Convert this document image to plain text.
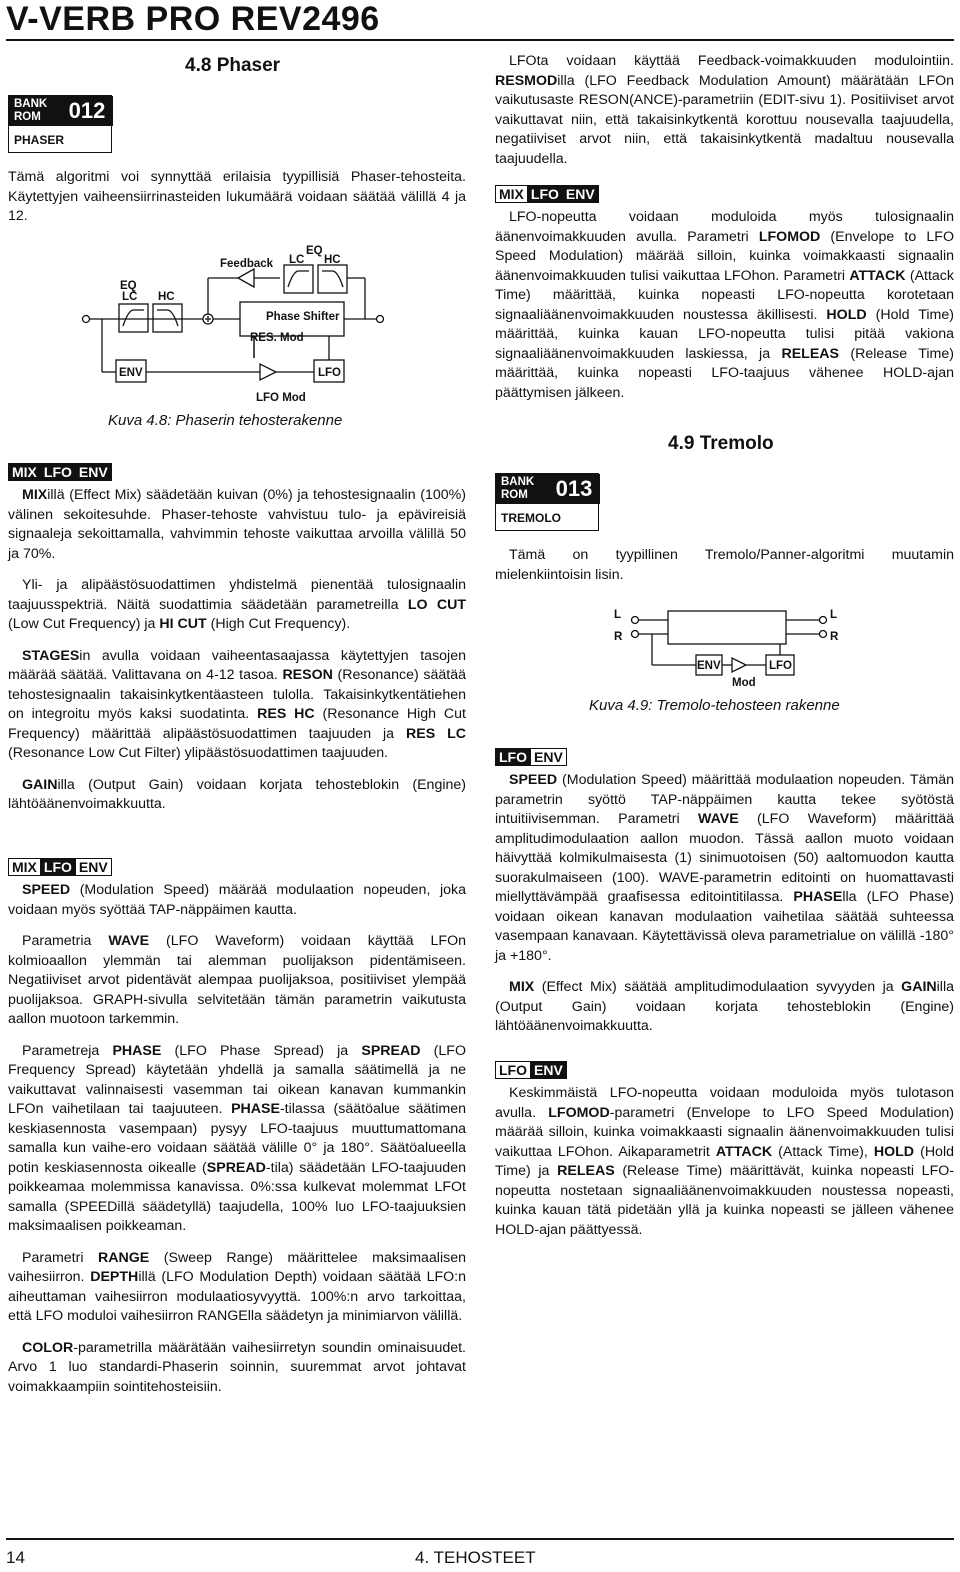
V-VERB PRO REV2496
4.8 Phaser
BANK
ROM	012
PHASER

Tämä algoritmi voi synnyttää erilaisia tyypillisiä Phaser-tehosteita. Käytettyjen vaiheensiirrinasteiden lukumäärä voidaan säätää välillä 4 ja 12.

EQ
LC HC
Feedback
EQ
LC HC
Phase Shifter
RES. Mod
ENV
LFO Mod
LFO
Kuva 4.8: Phaserin tehosterakenne
MIX LFO ENV

MIXillä (Effect Mix) säädetään kuivan (0%) ja tehostesignaalin (100%) välinen sekoitesuhde. Phaser-tehoste vahvistuu tulo- ja epävireisiä signaaleja sekoittamalla, vahvimmin tehoste vaikuttaa arvoilla välillä 50 ja 70%.

Yli- ja alipäästösuodattimen yhdistelmä pienentää tulosignaalin taajuusspektriä. Näitä suodattimia säädetään parametreilla LO CUT (Low Cut Frequency) ja HI CUT (High Cut Frequency).

STAGESin avulla voidaan vaiheentasaajassa käytettyjen tasojen määrää säätää. Valittavana on 4-12 tasoa. RESON (Resonance) säätää tehostesignaalin takaisinkytkentäasteen tulolla. Takaisinkytkentätiehen on integroitu myös kaksi suodatinta. RES HC (Resonance High Cut Frequency) määrittää alipäästösuodattimen taajuuden ja RES LC (Resonance Low Cut Filter) ylipäästösuodattimen taajuuden.

GAINilla (Output Gain) voidaan korjata tehosteblokin (Engine) lähtöäänenvoimakkuutta.

MIX LFO ENV

SPEED (Modulation Speed) määrää modulaation nopeuden, joka voidaan myös syöttää TAP-näppäimen kautta.

Parametria WAVE (LFO Waveform) voidaan käyttää LFOn kolmioaallon ylemmän tai alemman puolijakson pidentämiseen. Negatiiviset arvot pidentävät alempaa puolijaksoa, positiiviset ylempää puolijaksoa. GRAPH-sivulla selvitetään tämän parametrin vaikutusta aallon muotoon tarkemmin.

Parametreja PHASE (LFO Phase Spread) ja SPREAD (LFO Frequency Spread) käytetään yhdellä ja samalla säätimellä ja ne vaikuttavat valinnaisesti vasemman tai oikean kanavan kummankin LFOn vaihetilaan tai taajuuteen. PHASE-tilassa (säätöalue säätimen keskiasennosta vasempaan) pysyy LFO-taajuus muuttumattomana samalla kun vaihe-ero voidaan säätää välille 0° ja 180°. Säätöalueella potin keskiasennosta oikealle (SPREAD-tila) säädetään LFO-taajuuden poikkeamaa molemmissa kanavissa. 0%:ssa kulkevat molemmat LFOt samalla (SPEEDillä säädetyllä) taajudella, 100% luo LFO-taajuuksien maksimaalisen poikkeaman.

Parametri RANGE (Sweep Range) määrittelee maksimaalisen vaihesiirron. DEPTHillä (LFO Modulation Depth) voidaan säätää LFO:n aiheuttaman vaihesiirron modulaatiosyvyyttä. 100%:n arvo tarkoittaa, että LFO moduloi vaihesiirron RANGElla säädetyn ja minimiarvon välillä.

COLOR-parametrilla määrätään vaihesiirretyn soundin ominaisuudet. Arvo 1 luo standardi-Phaserin soinnin, suuremmat arvot johtavat voimakkaampiin sointitehosteisiin.

LFOta voidaan käyttää Feedback-voimakkuuden modulointiin. RESMODilla (LFO Feedback Modulation Amount) määrätään LFOn vaikutusaste RESON(ANCE)-parametriin (EDIT-sivu 1). Positiiviset arvot vaikuttavat niin, että takaisinkytkentä korottuu nousevalla taajuudella, negatiiviset arvot niin, että takaisinkytkentä madaltuu nousevalla taajuudella.

MIX LFO ENV

LFO-nopeutta voidaan moduloida myös tulosignaalin äänenvoimakkuuden avulla. Parametri LFOMOD (Envelope to LFO Speed Modulation) määrää silloin, kuinka voimakkaasti signaalin äänenvoimakkuuden tulisi vaikuttaa LFOhon. Parametri ATTACK (Attack Time) määrittää, kuinka nopeasti LFO-nopeutta korotetaan signaaliäänenvoimakkuuden noustessa äkillisesti. HOLD (Hold Time) määrittää, kuinka kauan LFO-nopeutta tulisi pitää vakiona signaaliäänenvoimakkuuden laskiessa, ja RELEAS (Release Time) määrittää, kuinka nopeasti LFO-taajuus vähenee HOLD-ajan päättymisen jälkeen.

4.9 Tremolo
BANK
ROM	013
TREMOLO

Tämä on tyypillinen Tremolo/Panner-algoritmi muutamin mielenkiintoisin lisin.

L
R
L
R
ENV	LFO
Mod
Kuva 4.9: Tremolo-tehosteen rakenne
LFO ENV

SPEED (Modulation Speed) määrittää modulaation nopeuden. Tämän parametrin syöttö TAP-näppäimen kautta tekee syötöstä intuitiivisemman. Parametri WAVE (LFO Waveform) määrittää amplitudimodulaation aallon muodon. Tässä aallon muoto voidaan häivyttää kolmikulmaisesta (1) sinimuotoisen (50) aaltomuodon kautta suorakulmaiseen (100). WAVE-parametrin editointi on huomattavasti miellyttävämpää graafisessa editointitilassa. PHASElla (LFO Phase) voidaan oikean kanavan modulaation vaihetilaa säätää suhteessa vasempaan kanavaan. Käytettävissä oleva parametrialue on välillä -180° ja +180°.

MIX (Effect Mix) säätää amplitudimodulaation syvyyden ja GAINilla (Output Gain) voidaan korjata tehosteblokin (Engine) lähtöäänenvoimakkuutta.

LFO ENV

Keskimmäistä LFO-nopeutta voidaan moduloida myös tulotason avulla. LFOMOD-parametri (Envelope to LFO Speed Modulation) määrää silloin, kuinka voimakkaasti signaalin äänenvoimakkuuden tulisi vaikuttaa LFOhon. Aikaparametrit ATTACK (Attack Time), HOLD (Hold Time) ja RELEAS (Release Time) määrittävät, kuinka nopeasti LFO-nopeutta nostetaan signaaliäänenvoimakkuuden noustessa nopeasti, kuinka kauan tätä pidetään yllä ja kuinka nopeasti se jälleen vähenee HOLD-ajan päättyessä.

14	4. TEHOSTEET
